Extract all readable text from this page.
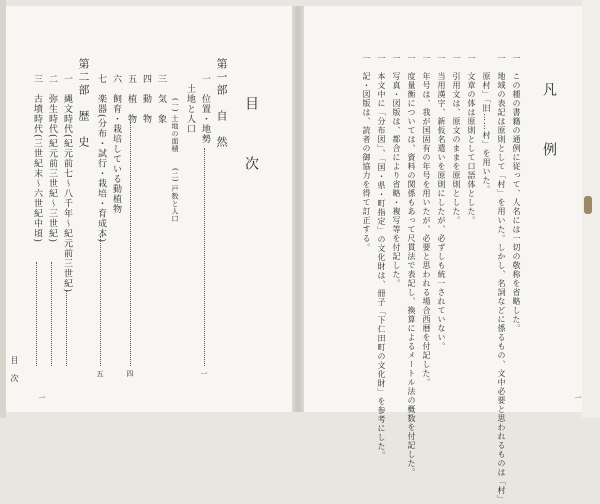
目　次
第一部　自　然
一　位置・地勢
一
土地と人口
(一) 土地の面積
(二) 戸数と人口
三　気　象
四　動　物
五　植　物
四
六　飼育・栽培している動植物
七　楽器(分布・試行・栽培・育成本)
五
第二部　歴　史
一　縄文時代(紀元前七〜八千年〜紀元前三世紀)
二　弥生時代(紀元前三世紀〜三世紀)
三　古墳時代(三世紀末〜六世紀中頃)
目　次
一
凡　例
一　この種の書籍の通例に従って、人名には一切の敬称を省略した。
一　地域の表記は原則として「村」を用いた。しかし、名詞などに係るもの、文中必要と思われるものは「村」
　　原村」「旧……村」を用いた。
一　文章の体は原則として口語体とした。
一　引用文は、原文のままを原則とした。
一　当用漢字、新仮名遣いを原則にしたが、必ずしも統一されていない。
一　年号は、我が国固有の年号を用いたが、必要と思われる場合西暦を付記した。
一　度量衡については、資料の関係もあって尺貫法で表記し、換算によるメートル法の概数を付記した。
一　写真・図版は、都合により省略・複写等を付記した。
一　本文中に「分布図」、「国・県・町指定」の文化財は、冊子「下仁田町の文化財」を参考にした。
一　記・図版は、読者の御協力を得て訂正する。
一
